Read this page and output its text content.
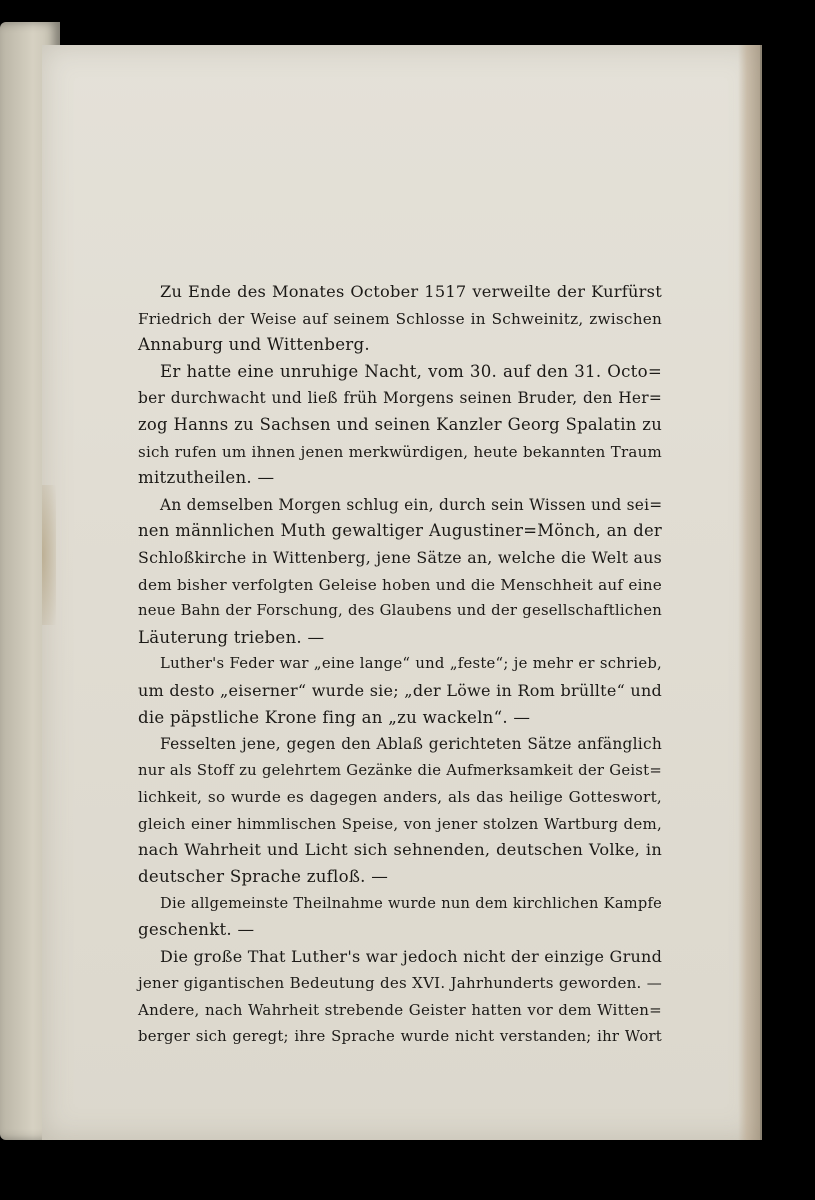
Zu Ende des Monates October 1517 verweilte der Kurfürst
Friedrich der Weise auf seinem Schlosse in Schweinitz, zwischen
Annaburg und Wittenberg.
Er hatte eine unruhige Nacht, vom 30. auf den 31. Octo=
ber durchwacht und ließ früh Morgens seinen Bruder, den Her=
zog Hanns zu Sachsen und seinen Kanzler Georg Spalatin zu
sich rufen um ihnen jenen merkwürdigen, heute bekannten Traum
mitzutheilen. —
An demselben Morgen schlug ein, durch sein Wissen und sei=
nen männlichen Muth gewaltiger Augustiner=Mönch, an der
Schloßkirche in Wittenberg, jene Sätze an, welche die Welt aus
dem bisher verfolgten Geleise hoben und die Menschheit auf eine
neue Bahn der Forschung, des Glaubens und der gesellschaftlichen
Läuterung trieben. —
Luther's Feder war „eine lange“ und „feste“; je mehr er schrieb,
um desto „eiserner“ wurde sie; „der Löwe in Rom brüllte“ und
die päpstliche Krone fing an „zu wackeln“. —
Fesselten jene, gegen den Ablaß gerichteten Sätze anfänglich
nur als Stoff zu gelehrtem Gezänke die Aufmerksamkeit der Geist=
lichkeit, so wurde es dagegen anders, als das heilige Gotteswort,
gleich einer himmlischen Speise, von jener stolzen Wartburg dem,
nach Wahrheit und Licht sich sehnenden, deutschen Volke, in
deutscher Sprache zufloß. —
Die allgemeinste Theilnahme wurde nun dem kirchlichen Kampfe
geschenkt. —
Die große That Luther's war jedoch nicht der einzige Grund
jener gigantischen Bedeutung des XVI. Jahrhunderts geworden. —
Andere, nach Wahrheit strebende Geister hatten vor dem Witten=
berger sich geregt; ihre Sprache wurde nicht verstanden; ihr Wort
